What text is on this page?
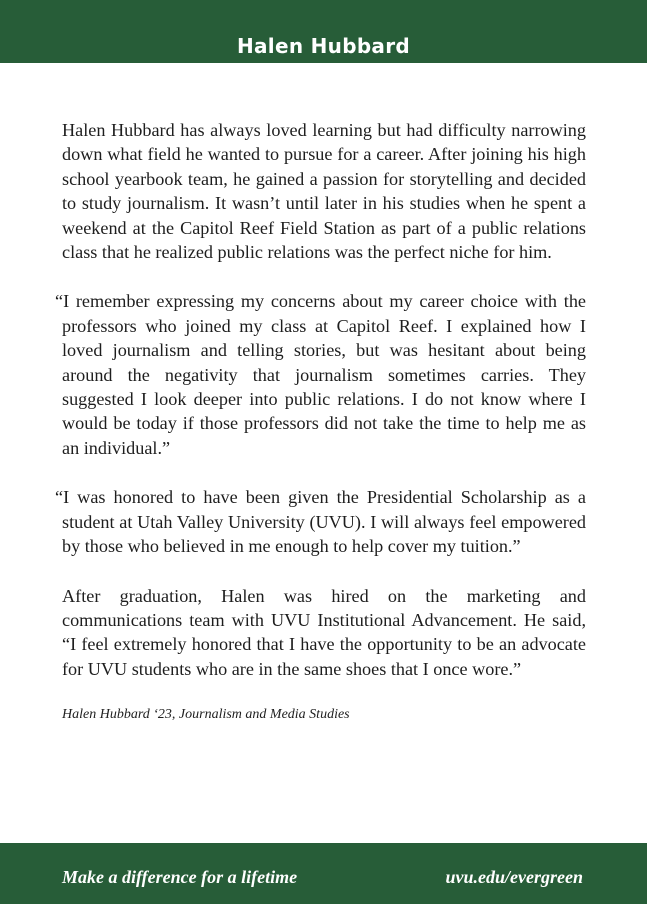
Halen Hubbard

Halen Hubbard has always loved learning but had difficulty narrowing down what field he wanted to pursue for a career. After joining his high school yearbook team, he gained a passion for storytelling and decided to study journalism. It wasn’t until later in his studies when he spent a weekend at the Capitol Reef Field Station as part of a public relations class that he realized public relations was the perfect niche for him.

“I remember expressing my concerns about my career choice with the professors who joined my class at Capitol Reef. I explained how I loved journalism and telling stories, but was hesitant about being around the negativity that journalism sometimes carries. They suggested I look deeper into public relations. I do not know where I would be today if those professors did not take the time to help me as an individual.”

“I was honored to have been given the Presidential Scholarship as a student at Utah Valley University (UVU). I will always feel empowered by those who believed in me enough to help cover my tuition.”

After graduation, Halen was hired on the marketing and communications team with UVU Institutional Advancement. He said, “I feel extremely honored that I have the opportunity to be an advocate for UVU students who are in the same shoes that I once wore.”

Halen Hubbard ‘23, Journalism and Media Studies

Make a difference for a lifetime	uvu.edu/evergreen
